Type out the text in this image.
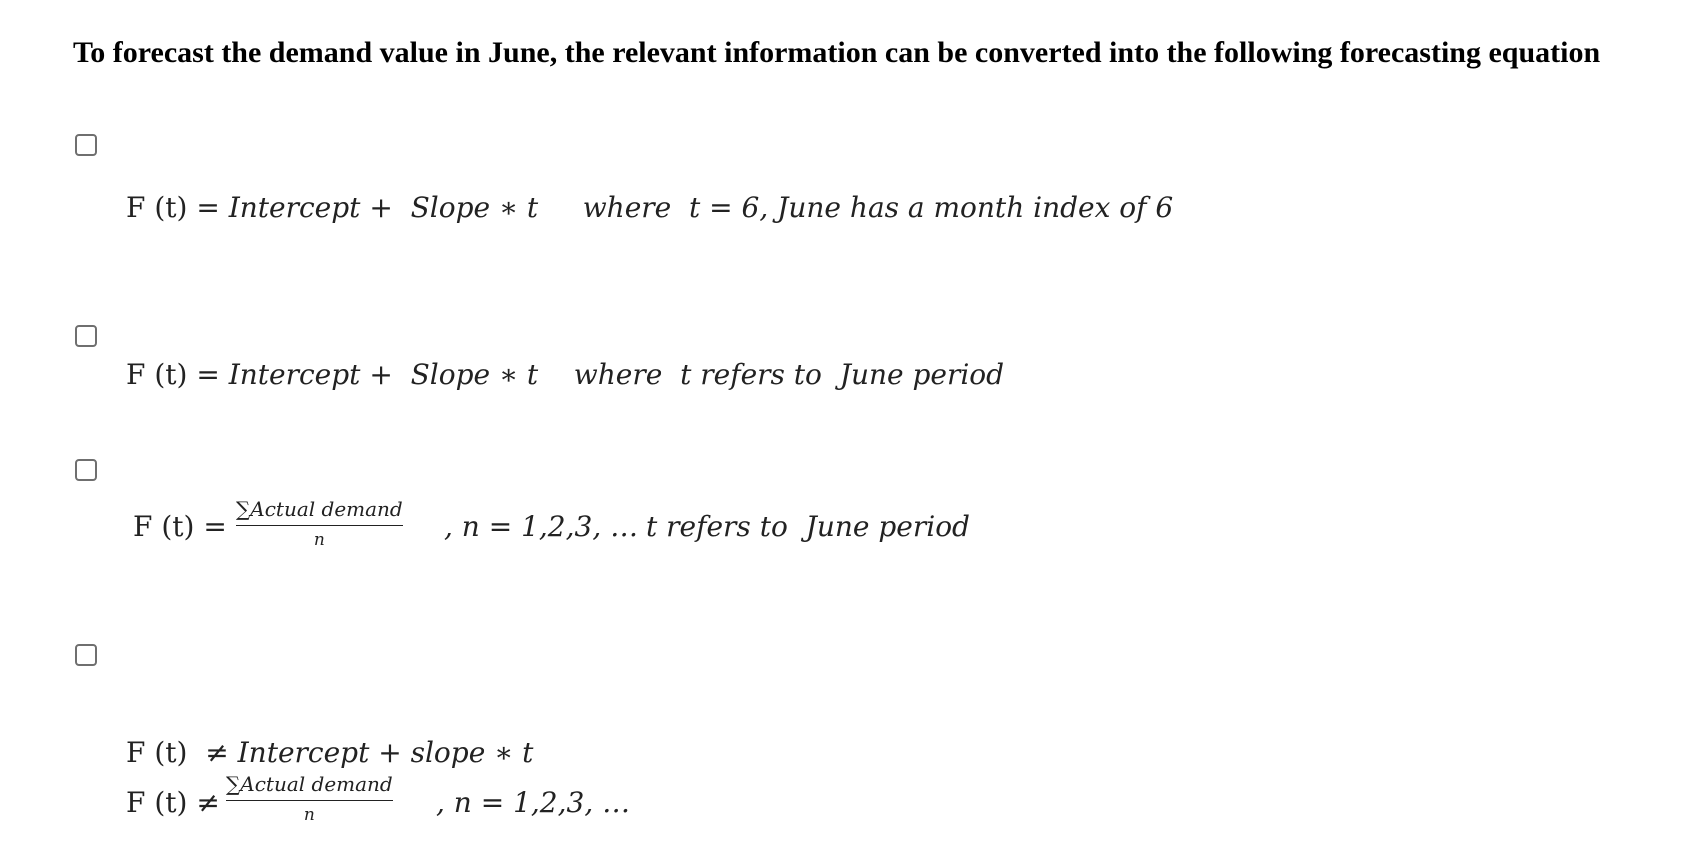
To forecast the demand value in June, the relevant information can be converted into the following forecasting equation

F (t) = Intercept +  Slope ∗ t where  t = 6, June has a month index of 6
F (t) = Intercept +  Slope ∗ t where  t refers to  June period
F (t) =
∑Actual demand
n	, n = 1,2,3, … t refers to  June period
F (t)  ≠ Intercept + slope ∗ t
F (t) ≠
∑Actual demand
n	, n = 1,2,3, …
